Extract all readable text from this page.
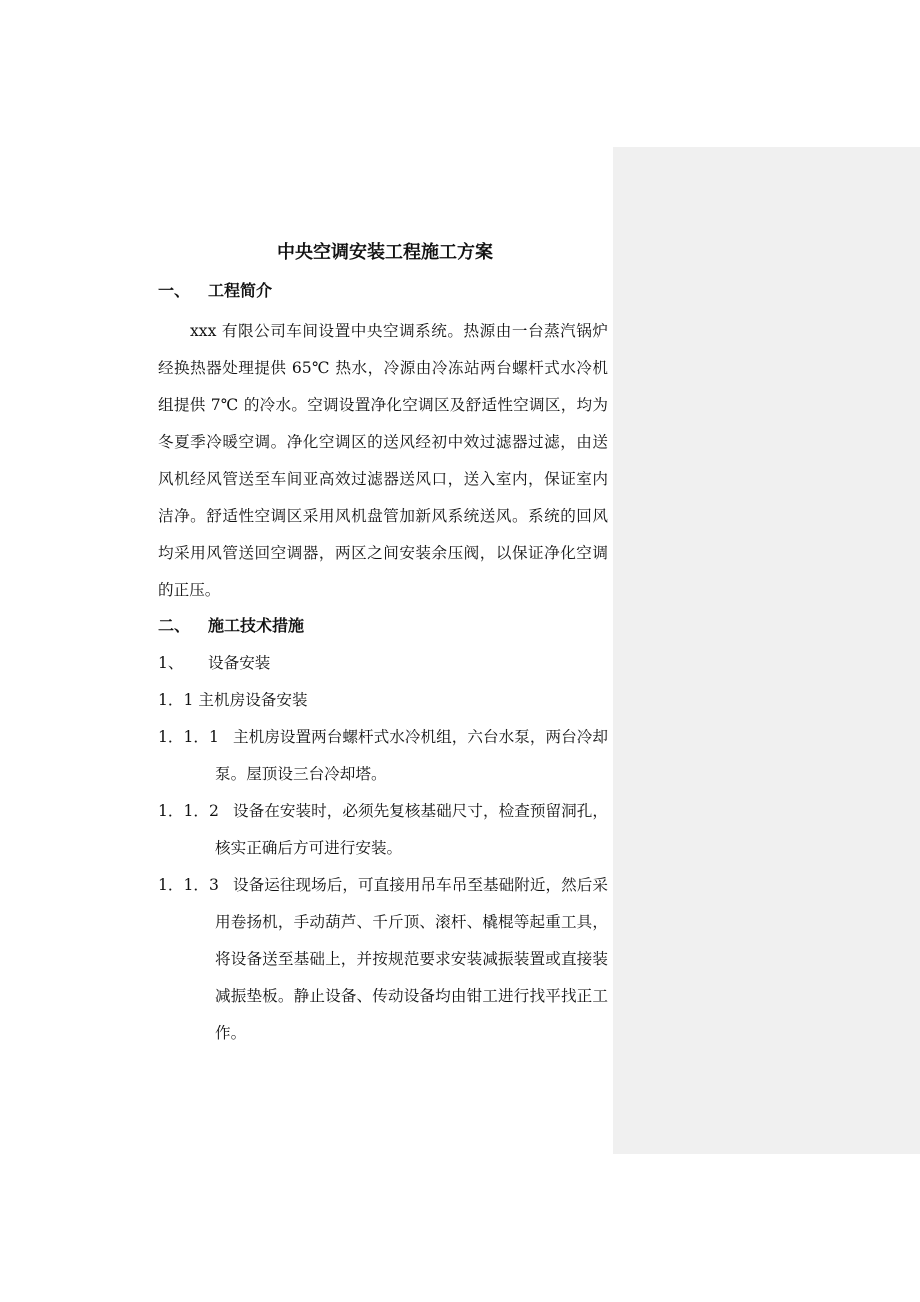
中央空调安装工程施工方案
一、 工程简介

xxx 有限公司车间设置中央空调系统。热源由一台蒸汽锅炉经换热器处理提供 65℃ 热水，冷源由冷冻站两台螺杆式水冷机组提供 7℃ 的冷水。空调设置净化空调区及舒适性空调区，均为冬夏季冷暖空调。净化空调区的送风经初中效过滤器过滤，由送风机经风管送至车间亚高效过滤器送风口，送入室内，保证室内洁净。舒适性空调区采用风机盘管加新风系统送风。系统的回风均采用风管送回空调器，两区之间安装余压阀，以保证净化空调的正压。

二、 施工技术措施
1、 设备安装
1．1 主机房设备安装
1．1．1 主机房设置两台螺杆式水冷机组，六台水泵，两台冷却泵。屋顶设三台冷却塔。
1．1．2 设备在安装时，必须先复核基础尺寸，检查预留洞孔，核实正确后方可进行安装。
1．1．3 设备运往现场后，可直接用吊车吊至基础附近，然后采用卷扬机，手动葫芦、千斤顶、滚杆、橇棍等起重工具，将设备送至基础上，并按规范要求安装减振装置或直接装减振垫板。静止设备、传动设备均由钳工进行找平找正工作。
